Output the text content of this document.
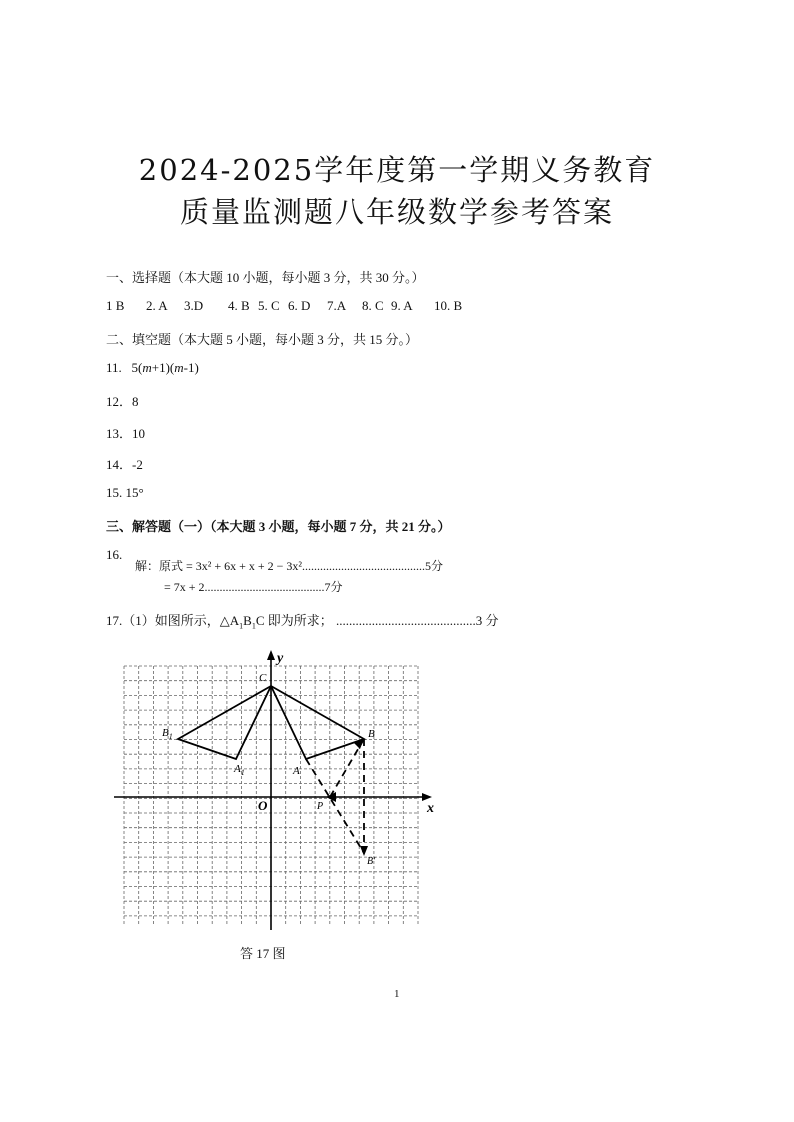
2024-2025学年度第一学期义务教育
质量监测题八年级数学参考答案
一、选择题（本大题 10 小题，每小题 3 分，共 30 分。）
1 B 2. A 3.D 4. B 5. C 6. D 7.A 8. C 9. A 10. B
二、填空题（本大题 5 小题，每小题 3 分，共 15 分。）
11. 5(m+1)(m-1)
12．8
13．10
14．-2
15. 15°
三、解答题（一）（本大题 3 小题，每小题 7 分，共 21 分。）
16.
解：原式 = 3x² + 6x + x + 2 − 3x².........................................5分
= 7x + 2........................................7分
17.（1）如图所示，$\triangle A_1B_1C$ 即为所求； ...........................................3 分
y
x
O
C
$B_1$
$A_1$	A
B
P
B′
答 17 图
1
